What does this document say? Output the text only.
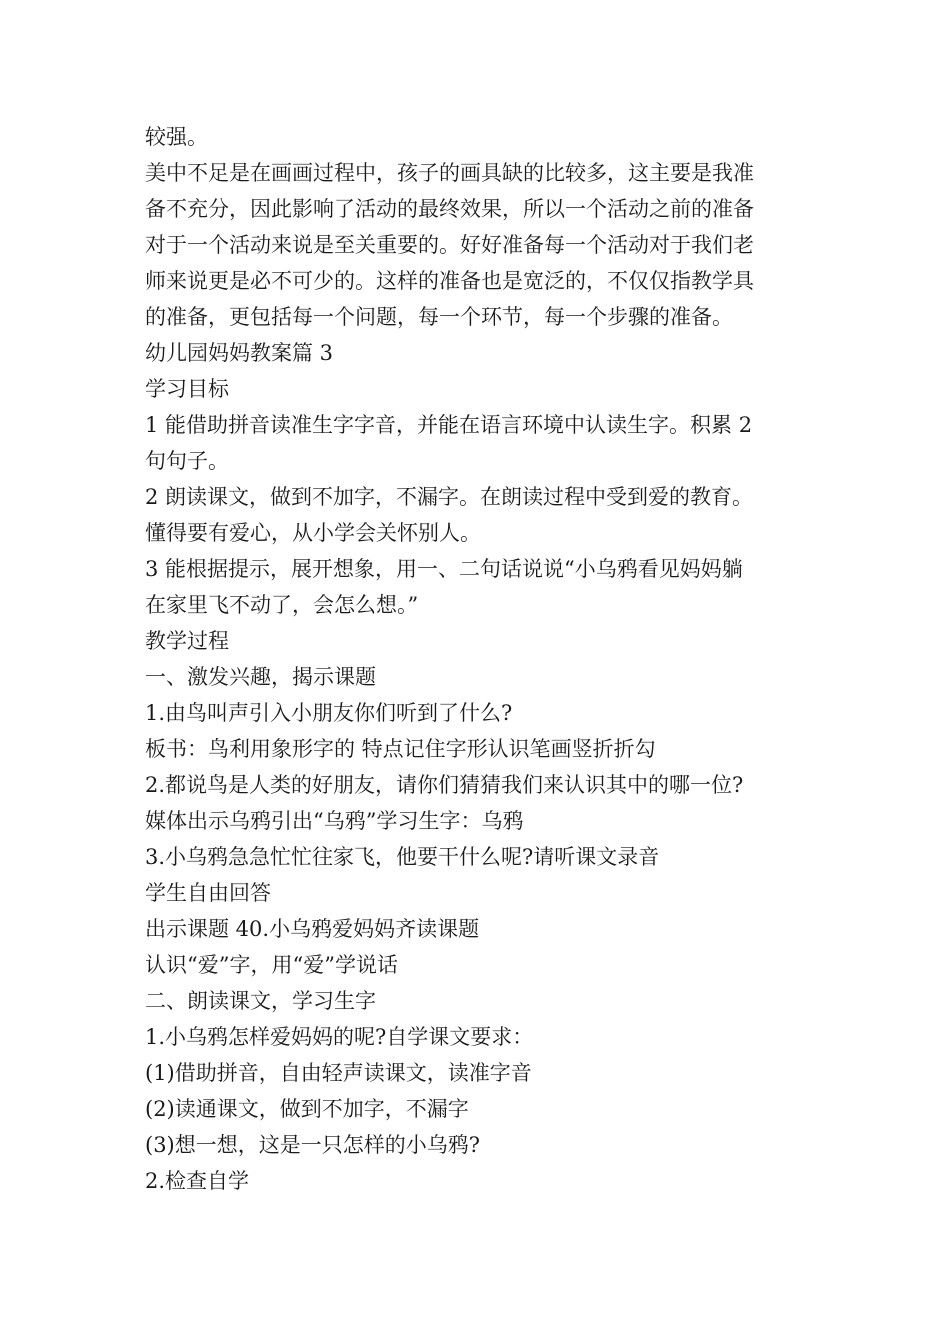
较强。
美中不足是在画画过程中，孩子的画具缺的比较多，这主要是我准
备不充分，因此影响了活动的最终效果，所以一个活动之前的准备
对于一个活动来说是至关重要的。好好准备每一个活动对于我们老
师来说更是必不可少的。这样的准备也是宽泛的，不仅仅指教学具
的准备，更包括每一个问题，每一个环节，每一个步骤的准备。
幼儿园妈妈教案篇 3
学习目标
1 能借助拼音读准生字字音，并能在语言环境中认读生字。积累 2
句句子。
2 朗读课文，做到不加字，不漏字。在朗读过程中受到爱的教育。
懂得要有爱心，从小学会关怀别人。
3 能根据提示，展开想象，用一、二句话说说“小乌鸦看见妈妈躺
在家里飞不动了，会怎么想。”
教学过程
一、激发兴趣，揭示课题
1.由鸟叫声引入小朋友你们听到了什么?
板书：鸟利用象形字的 特点记住字形认识笔画竖折折勾
2.都说鸟是人类的好朋友，请你们猜猜我们来认识其中的哪一位?
媒体出示乌鸦引出“乌鸦”学习生字：乌鸦
3.小乌鸦急急忙忙往家飞，他要干什么呢?请听课文录音
学生自由回答
出示课题 40.小乌鸦爱妈妈齐读课题
认识“爱”字，用“爱”学说话
二、朗读课文，学习生字
1.小乌鸦怎样爱妈妈的呢?自学课文要求：
(1)借助拼音，自由轻声读课文，读准字音
(2)读通课文，做到不加字，不漏字
(3)想一想，这是一只怎样的小乌鸦?
2.检查自学
